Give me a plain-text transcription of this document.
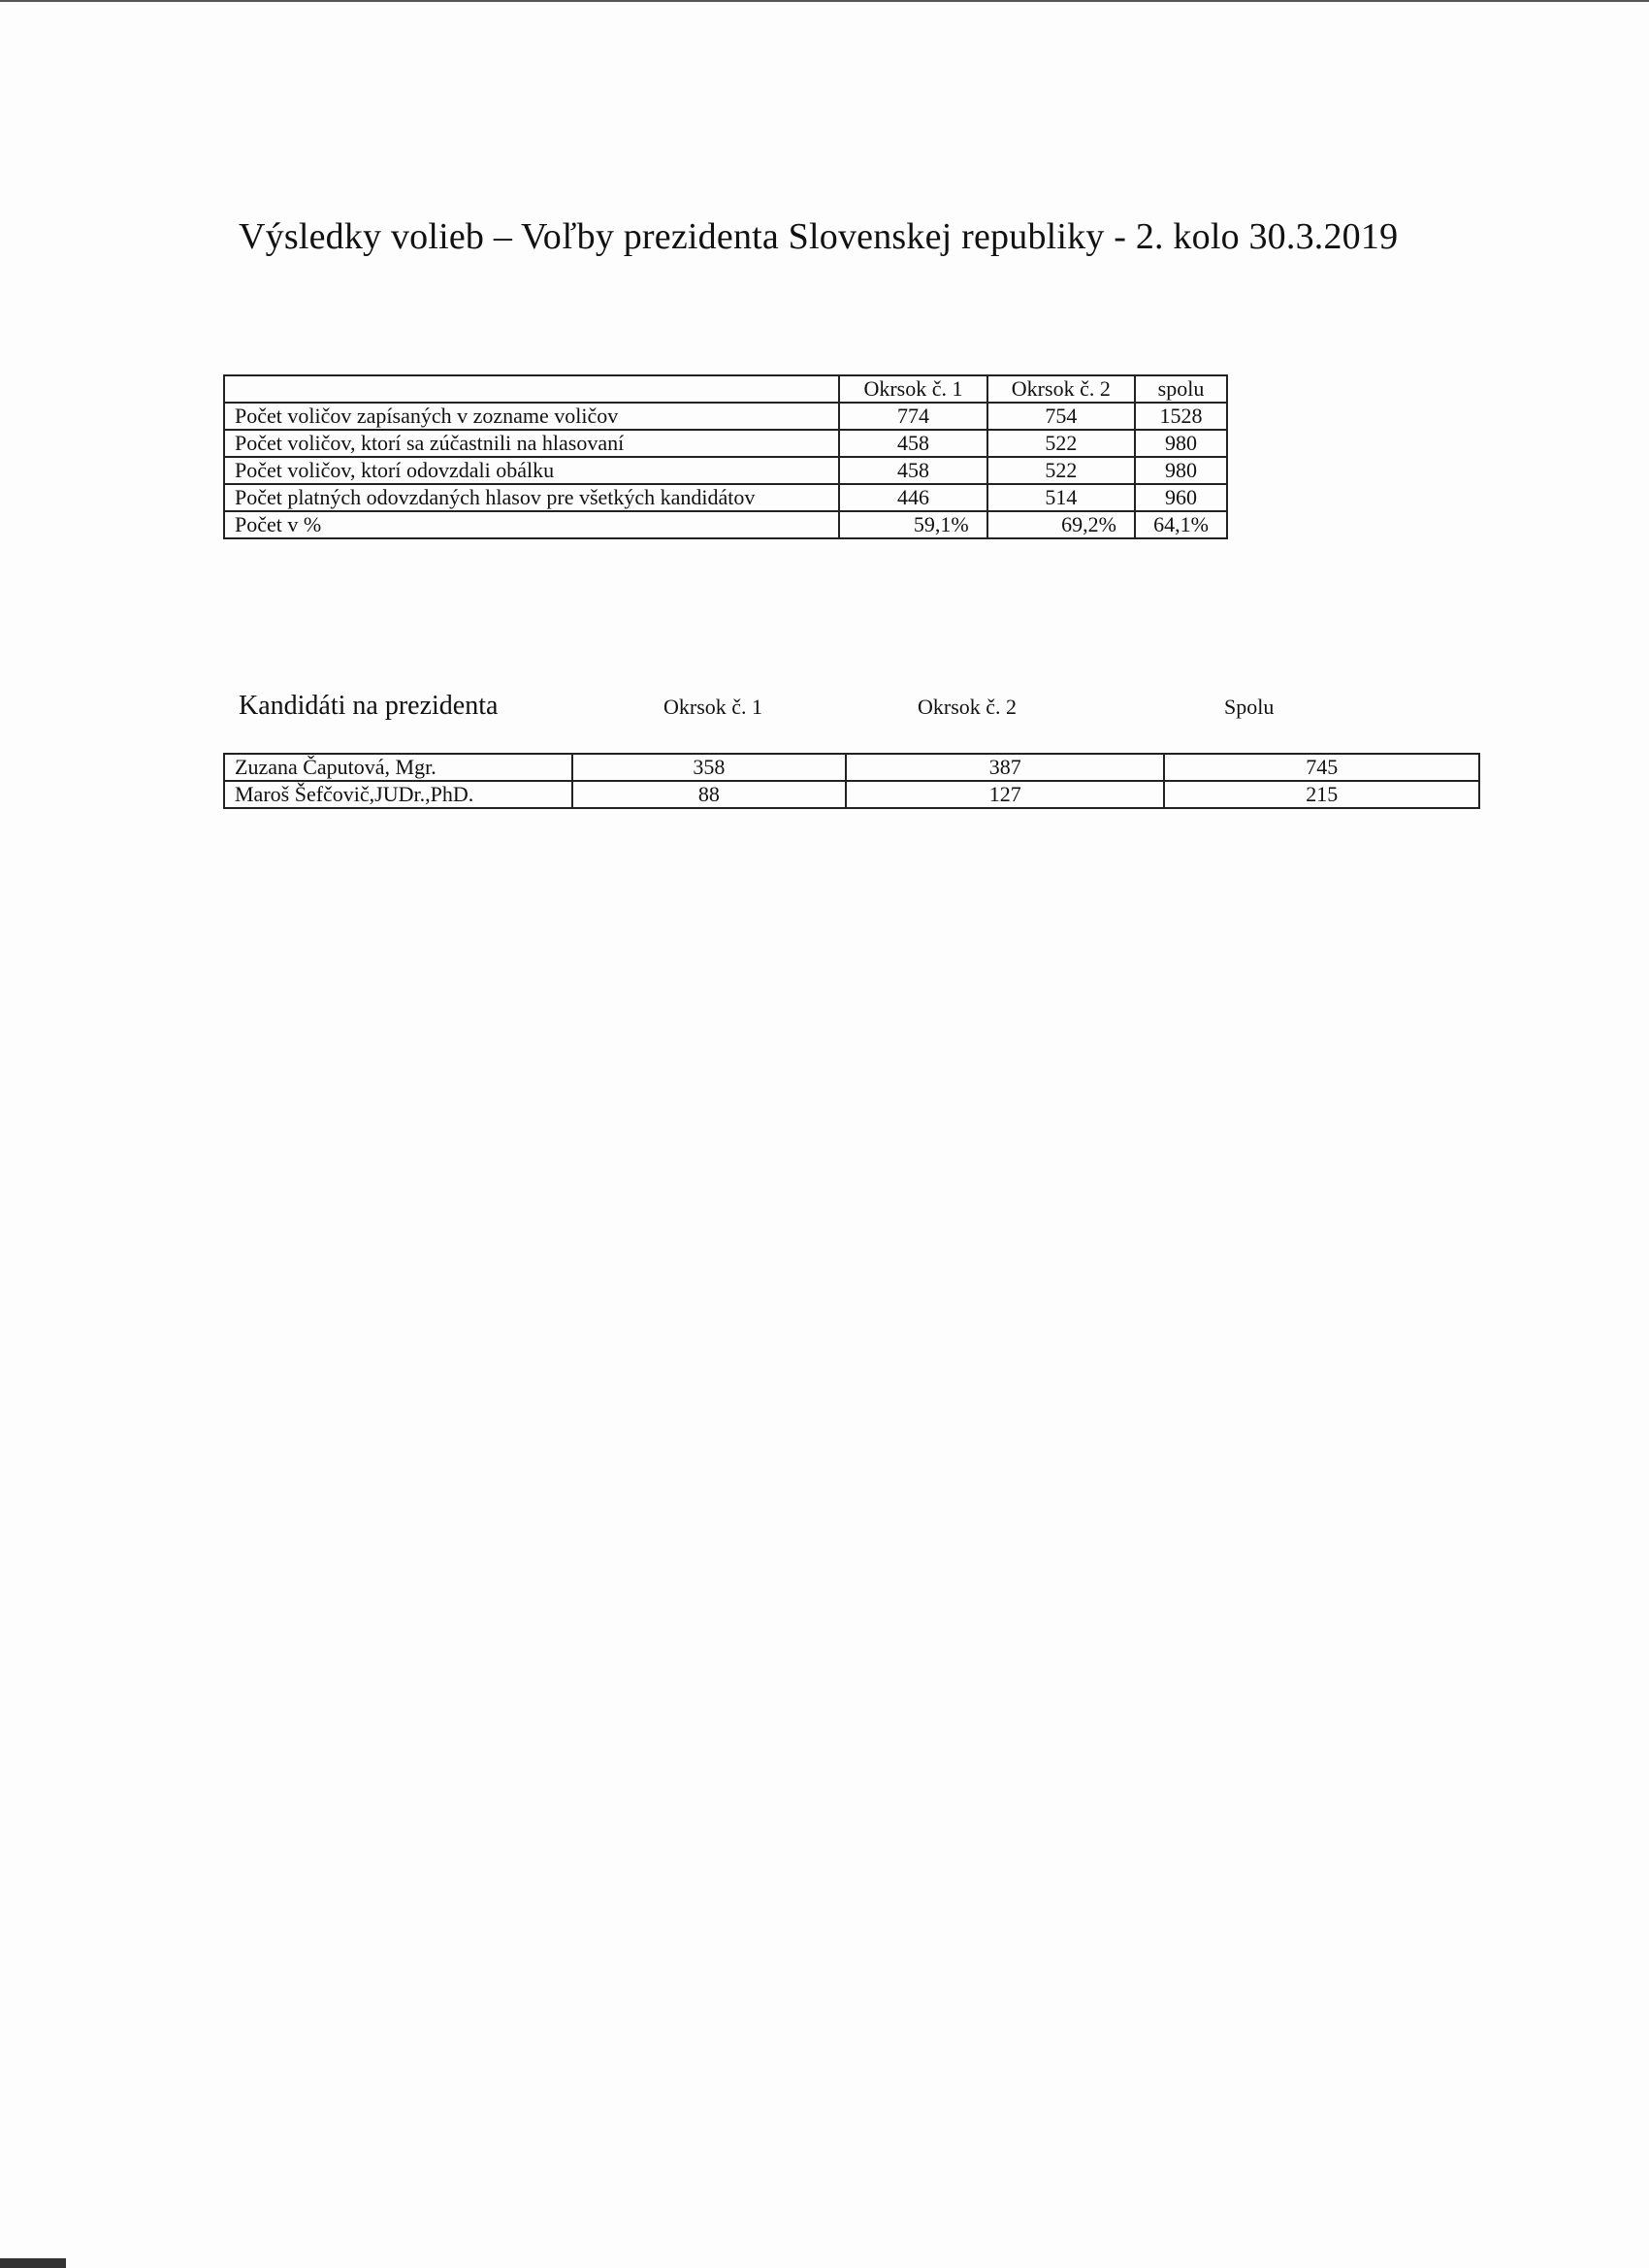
Výsledky volieb – Voľby prezidenta Slovenskej republiky - 2. kolo 30.3.2019
	Okrsok č. 1	Okrsok č. 2	spolu
Počet voličov zapísaných v zozname voličov	774	754	1528
Počet voličov, ktorí sa zúčastnili na hlasovaní	458	522	980
Počet voličov, ktorí odovzdali obálku	458	522	980
Počet platných odovzdaných hlasov pre všetkých kandidátov	446	514	960
Počet v %	59,1%	69,2%	64,1%
Kandidáti na prezidenta	Okrsok č. 1	Okrsok č. 2	Spolu
Zuzana Čaputová, Mgr.	358	387	745
Maroš Šefčovič,JUDr.,PhD.	88	127	215
